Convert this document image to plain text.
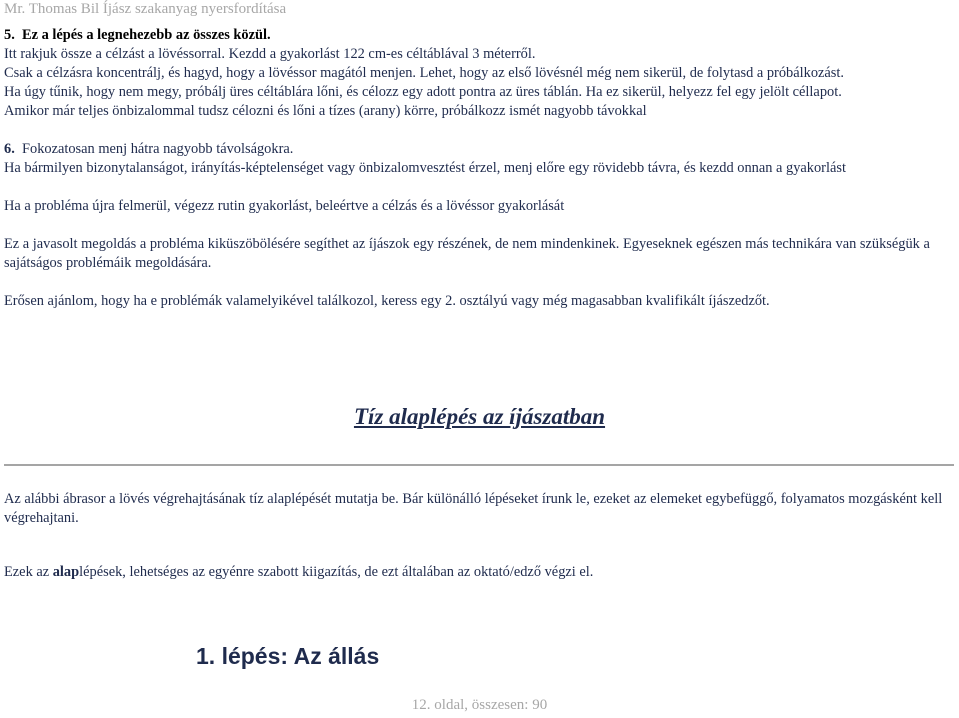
Mr. Thomas Bil Íjász szakanyag nyersfordítása

5. Ez a lépés a legnehezebb az összes közül.

Itt rakjuk össze a célzást a lövéssorral. Kezdd a gyakorlást 122 cm-es céltáblával 3 méterről.

Csak a célzásra koncentrálj, és hagyd, hogy a lövéssor magától menjen. Lehet, hogy az első lövésnél még nem sikerül, de folytasd a próbálkozást.

Ha úgy tűnik, hogy nem megy, próbálj üres céltáblára lőni, és célozz egy adott pontra az üres táblán. Ha ez sikerül, helyezz fel egy jelölt céllapot.

Amikor már teljes önbizalommal tudsz célozni és lőni a tízes (arany) körre, próbálkozz ismét nagyobb távokkal

6. Fokozatosan menj hátra nagyobb távolságokra.

Ha bármilyen bizonytalanságot, irányítás-képtelenséget vagy önbizalomvesztést érzel, menj előre egy rövidebb távra, és kezdd onnan a gyakorlást

Ha a probléma újra felmerül, végezz rutin gyakorlást, beleértve a célzás és a lövéssor gyakorlását

Ez a javasolt megoldás a probléma kiküszöbölésére segíthet az íjászok egy részének, de nem mindenkinek. Egyeseknek egészen más technikára van szükségük a sajátságos problémáik megoldására.

Erősen ajánlom, hogy ha e problémák valamelyikével találkozol, keress egy 2. osztályú vagy még magasabban kvalifikált íjászedzőt.

Tíz alaplépés az íjászatban

Az alábbi ábrasor a lövés végrehajtásának tíz alaplépését mutatja be. Bár különálló lépéseket írunk le, ezeket az elemeket egybefüggő, folyamatos mozgásként kell végrehajtani.

Ezek az alaplépések, lehetséges az egyénre szabott kiigazítás, de ezt általában az oktató/edző végzi el.

1. lépés: Az állás

12. oldal, összesen: 90
